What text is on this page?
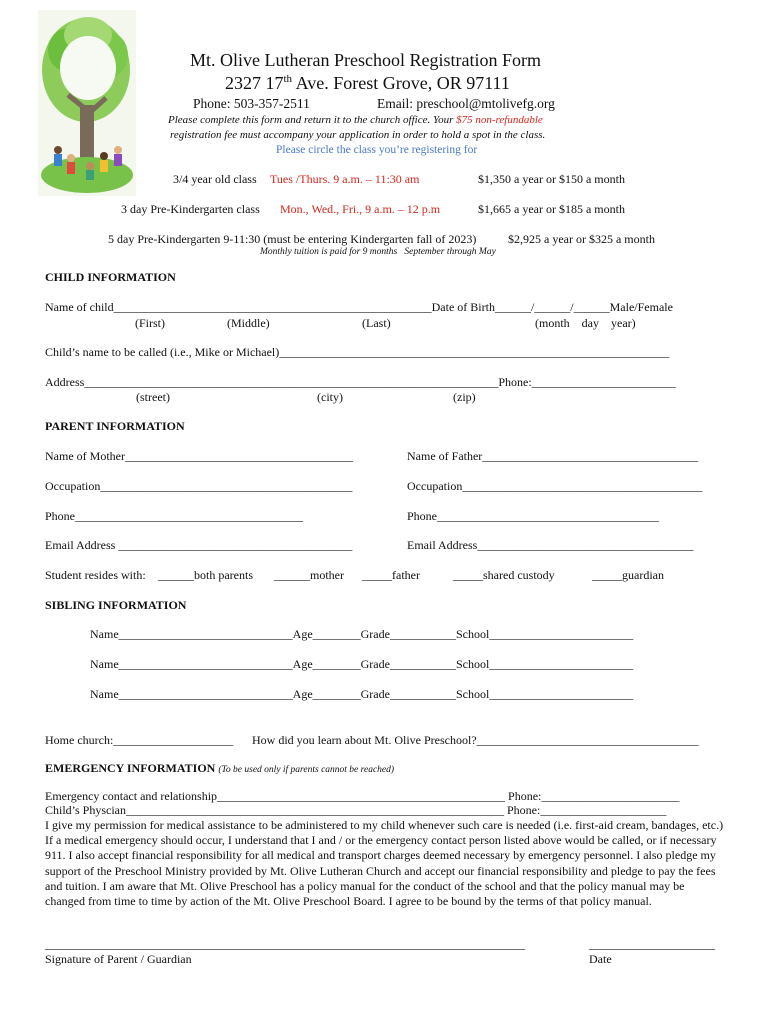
Mt. Olive Lutheran Preschool Registration Form
2327 17th Ave. Forest Grove, OR 97111
Phone: 503-357-2511	Email: preschool@mtolivefg.org
Please complete this form and return it to the church office. Your $75 non-refundable
registration fee must accompany your application in order to hold a spot in the class.
Please circle the class you’re registering for
3/4 year old class Tues /Thurs. 9 a.m. – 11:30 am	$1,350 a year or $150 a month
3 day Pre-Kindergarten class Mon., Wed., Fri., 9 a.m. – 12 p.m	$1,665 a year or $185 a month
5 day Pre-Kindergarten 9-11:30 (must be entering Kindergarten fall of 2023)	$2,925 a year or $325 a month
Monthly tuition is paid for 9 months   September through May
CHILD INFORMATION
Name of child_____________________________________________________Date of Birth______/______/______Male/Female
(First)	(Middle)	(Last)	(month    day    year)
Child’s name to be called (i.e., Mike or Michael)_________________________________________________________________
Address_____________________________________________________________________Phone:________________________
(street)	(city)	(zip)
PARENT INFORMATION
Name of Mother______________________________________	Name of Father____________________________________
Occupation__________________________________________	Occupation________________________________________
Phone______________________________________	Phone_____________________________________
Email Address _______________________________________	Email Address____________________________________
Student resides with: ______both parents ______mother _____father	_____shared custody	_____guardian
SIBLING INFORMATION
Name_____________________________Age________Grade___________School________________________
Name_____________________________Age________Grade___________School________________________
Name_____________________________Age________Grade___________School________________________
Home church:____________________ How did you learn about Mt. Olive Preschool?_____________________________________
EMERGENCY INFORMATION (To be used only if parents cannot be reached)
Emergency contact and relationship________________________________________________ Phone:_______________________
Child’s Physcian_______________________________________________________________ Phone:_____________________
I give my permission for medical assistance to be administered to my child whenever such care is needed (i.e. first-aid cream, bandages, etc.) If a medical emergency should occur, I understand that I and / or the emergency contact person listed above would be called, or if necessary 911. I also accept financial responsibility for all medical and transport charges deemed necessary by emergency personnel. I also pledge my support of the Preschool Ministry provided by Mt. Olive Lutheran Church and accept our financial responsibility and pledge to pay the fees and tuition. I am aware that Mt. Olive Preschool has a policy manual for the conduct of the school and that the policy manual may be changed from time to time by action of the Mt. Olive Preschool Board. I agree to be bound by the terms of that policy manual.
________________________________________________________________________________	_____________________
Signature of Parent / Guardian	Date
